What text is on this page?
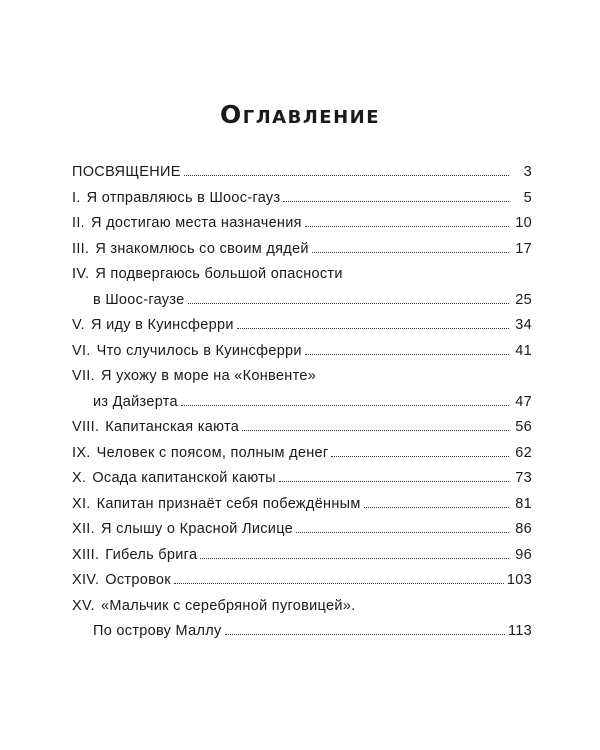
Оглавление
ПОСВЯЩЕНИЕ	3
I. Я отправляюсь в Шоос-гауз	5
II. Я достигаю места назначения	10
III. Я знакомлюсь со своим дядей	17
IV. Я подвергаюсь большой опасности
в Шоос-гаузе	25
V. Я иду в Куинсферри	34
VI. Что случилось в Куинсферри	41
VII. Я ухожу в море на «Конвенте»
из Дайзерта	47
VIII. Капитанская каюта	56
IX. Человек с поясом, полным денег	62
X. Осада капитанской каюты	73
XI. Капитан признаёт себя побеждённым	81
XII. Я слышу о Красной Лисице	86
XIII. Гибель брига	96
XIV. Островок	103
XV. «Мальчик с серебряной пуговицей».
По острову Маллу	113
